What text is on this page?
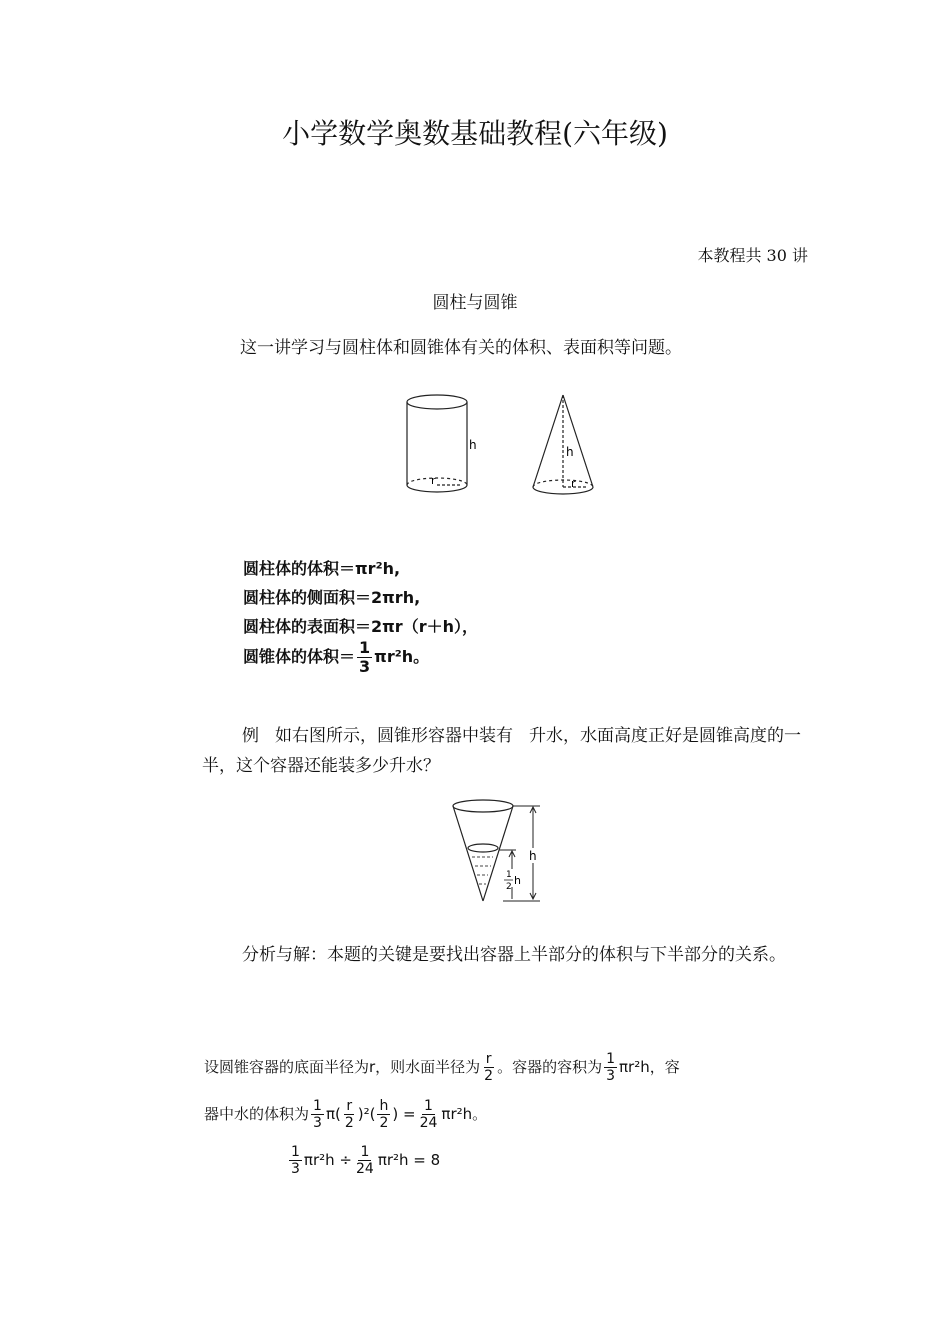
小学数学奥数基础教程(六年级)
本教程共 30 讲
圆柱与圆锥
这一讲学习与圆柱体和圆锥体有关的体积、表面积等问题。
h
r
h
r
圆柱体的体积＝πr²h,
圆柱体的侧面积＝2πrh,
圆柱体的表面积＝2πr（r＋h），
圆锥体的体积＝ $\frac{1}{3} \pi r^2h$。
例 如右图所示，圆锥形容器中装有 升水，水面高度正好是圆锥高度的一半，这个容器还能装多少升水？
h
1
2 h
分析与解：本题的关键是要找出容器上半部分的体积与下半部分的关系。
设圆锥容器的底面半径为r，则水面半径为 $\frac{r}{2}$ 。容器的容积为 $\frac{1}{3} \pi r^2h$，容
器中水的体积为 $\frac{1}{3} \pi( \frac{r}{2} )^2( \frac{h}{2}$ ) = $\frac{1}{24} \pi r^2h$。
$\frac{1}{3} \pi r^2h \div \frac{1}{24} \pi r^2h = 8$
